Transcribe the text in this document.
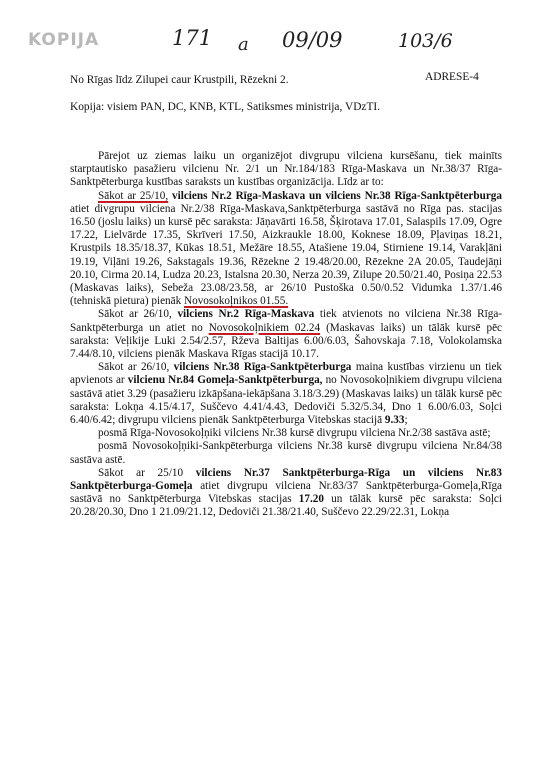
KOPIJA	171 a 09/09	103/6
No Rīgas līdz Zilupei caur Krustpili, Rēzekni 2.	ADRESE-4
Kopija: visiem PAN, DC, KNB, KTL, Satiksmes ministrija, VDzTI.

Pārejot uz ziemas laiku un organizējot divgrupu vilciena kursēšanu, tiek mainīts starptautisko pasažieru vilcienu Nr. 2/1 un Nr.184/183 Rīga-Maskava un Nr.38/37 Rīga-Sanktpēterburga kustības saraksts un kustības organizācija. Līdz ar to:

Sākot ar 25/10, vilciens Nr.2 Rīga-Maskava un vilciens Nr.38 Rīga-Sanktpēterburga atiet divgrupu vilciena Nr.2/38 Rīga-Maskava,Sanktpēterburga sastāvā no Rīga pas. stacijas 16.50 (joslu laiks) un kursē pēc saraksta: Jāņavārti 16.58, Šķirotava 17.01, Salaspils 17.09, Ogre 17.22, Lielvārde 17.35, Skrīveri 17.50, Aizkraukle 18.00, Koknese 18.09, Pļaviņas 18.21, Krustpils 18.35/18.37, Kūkas 18.51, Mežāre 18.55, Atašiene 19.04, Stirniene 19.14, Varakļāni 19.19, Viļāni 19.26, Sakstagals 19.36, Rēzekne 2 19.48/20.00, Rēzekne 2A 20.05, Taudejāņi 20.10, Cirma 20.14, Ludza 20.23, Istalsna 20.30, Nerza 20.39, Zilupe 20.50/21.40, Posiņa 22.53 (Maskavas laiks), Sebeža 23.08/23.58, ar 26/10 Pustoška 0.50/0.52 Vidumka 1.37/1.46 (tehniskā pietura) pienāk Novosokoļnikos 01.55.

Sākot ar 26/10, vilciens Nr.2 Rīga-Maskava tiek atvienots no vilciena Nr.38 Rīga-Sanktpēterburga un atiet no Novosokoļnikiem 02.24 (Maskavas laiks) un tālāk kursē pēc saraksta: Veļikije Luki 2.54/2.57, Rževa Baltijas 6.00/6.03, Šahovskaja 7.18, Volokolamska 7.44/8.10, vilciens pienāk Maskava Rīgas stacijā 10.17.

Sākot ar 26/10, vilciens Nr.38 Rīga-Sanktpēterburga maina kustības virzienu un tiek apvienots ar vilcienu Nr.84 Gomeļa-Sanktpēterburga, no Novosokoļnikiem divgrupu vilciena sastāvā atiet 3.29 (pasažieru izkāpšana-iekāpšana 3.18/3.29) (Maskavas laiks) un tālāk kursē pēc saraksta: Lokņa 4.15/4.17, Suščevo 4.41/4.43, Dedoviči 5.32/5.34, Dno 1 6.00/6.03, Soļci 6.40/6.42; divgrupu vilciens pienāk Sanktpēterburga Vitebskas stacijā 9.33;

posmā Rīga-Novosokoļņiki vilciens Nr.38 kursē divgrupu vilciena Nr.2/38 sastāva astē;

posmā Novosokoļņiki-Sankpēterburga vilciens Nr.38 kursē divgrupu vilciena Nr.84/38 sastāva astē.

Sākot ar 25/10 vilciens Nr.37 Sanktpēterburga-Rīga un vilciens Nr.83 Sanktpēterburga-Gomeļa atiet divgrupu vilciena Nr.83/37 Sanktpēterburga-Gomeļa,Rīga sastāvā no Sanktpēterburga Vitebskas stacijas 17.20 un tālāk kursē pēc saraksta: Soļci 20.28/20.30, Dno 1 21.09/21.12, Dedoviči 21.38/21.40, Suščevo 22.29/22.31, Lokņa
